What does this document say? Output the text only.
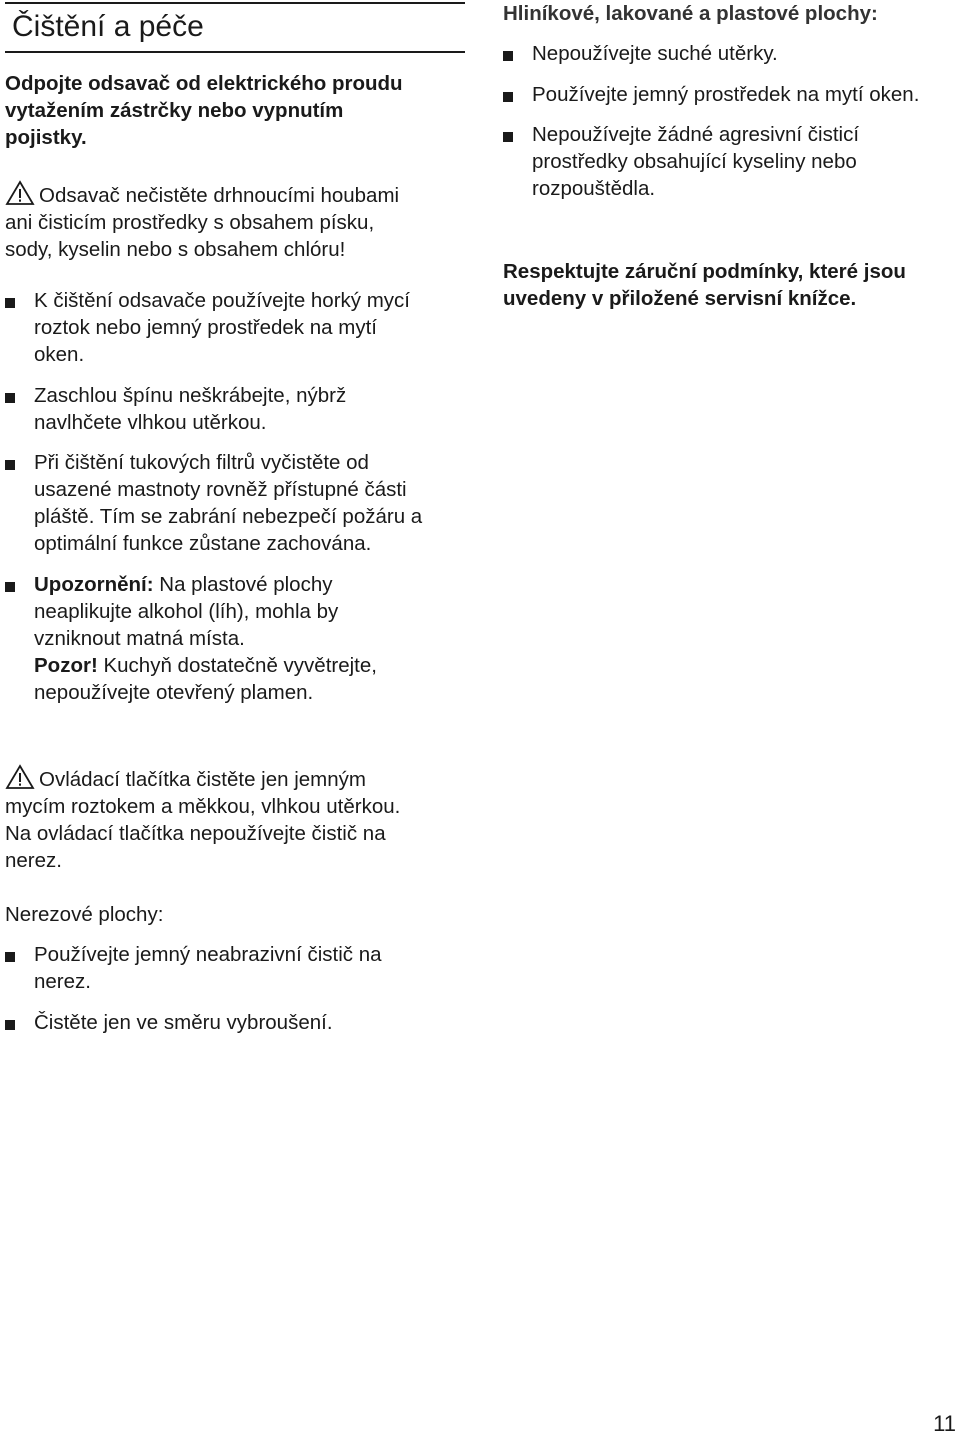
Čištění a péče
Odpojte odsavač od elektrického proudu
vytažením zástrčky nebo vypnutím
pojistky.
Odsavač nečistěte drhnoucími houbami
ani čisticím prostředky s obsahem písku,
sody, kyselin nebo s obsahem chlóru!
K čištění odsavače používejte horký mycí
roztok nebo jemný prostředek na mytí
oken.
Zaschlou špínu neškrábejte, nýbrž
navlhčete vlhkou utěrkou.
Při čištění tukových filtrů vyčistěte od
usazené mastnoty rovněž přístupné části
pláště. Tím se zabrání nebezpečí požáru a
optimální funkce zůstane zachována.
Upozornění: Na plastové plochy
neaplikujte alkohol (líh), mohla by
vzniknout matná místa.
Pozor! Kuchyň dostatečně vyvětrejte,
nepoužívejte otevřený plamen.
Ovládací tlačítka čistěte jen jemným
mycím roztokem a měkkou, vlhkou utěrkou.
Na ovládací tlačítka nepoužívejte čistič na
nerez.
Nerezové plochy:
Používejte jemný neabrazivní čistič na
nerez.
Čistěte jen ve směru vybroušení.
Hliníkové, lakované a plastové plochy:
Nepoužívejte suché utěrky.
Používejte jemný prostředek na mytí oken.
Nepoužívejte žádné agresivní čisticí
prostředky obsahující kyseliny nebo
rozpouštědla.
Respektujte záruční podmínky, které jsou
uvedeny v přiložené servisní knížce.
11
